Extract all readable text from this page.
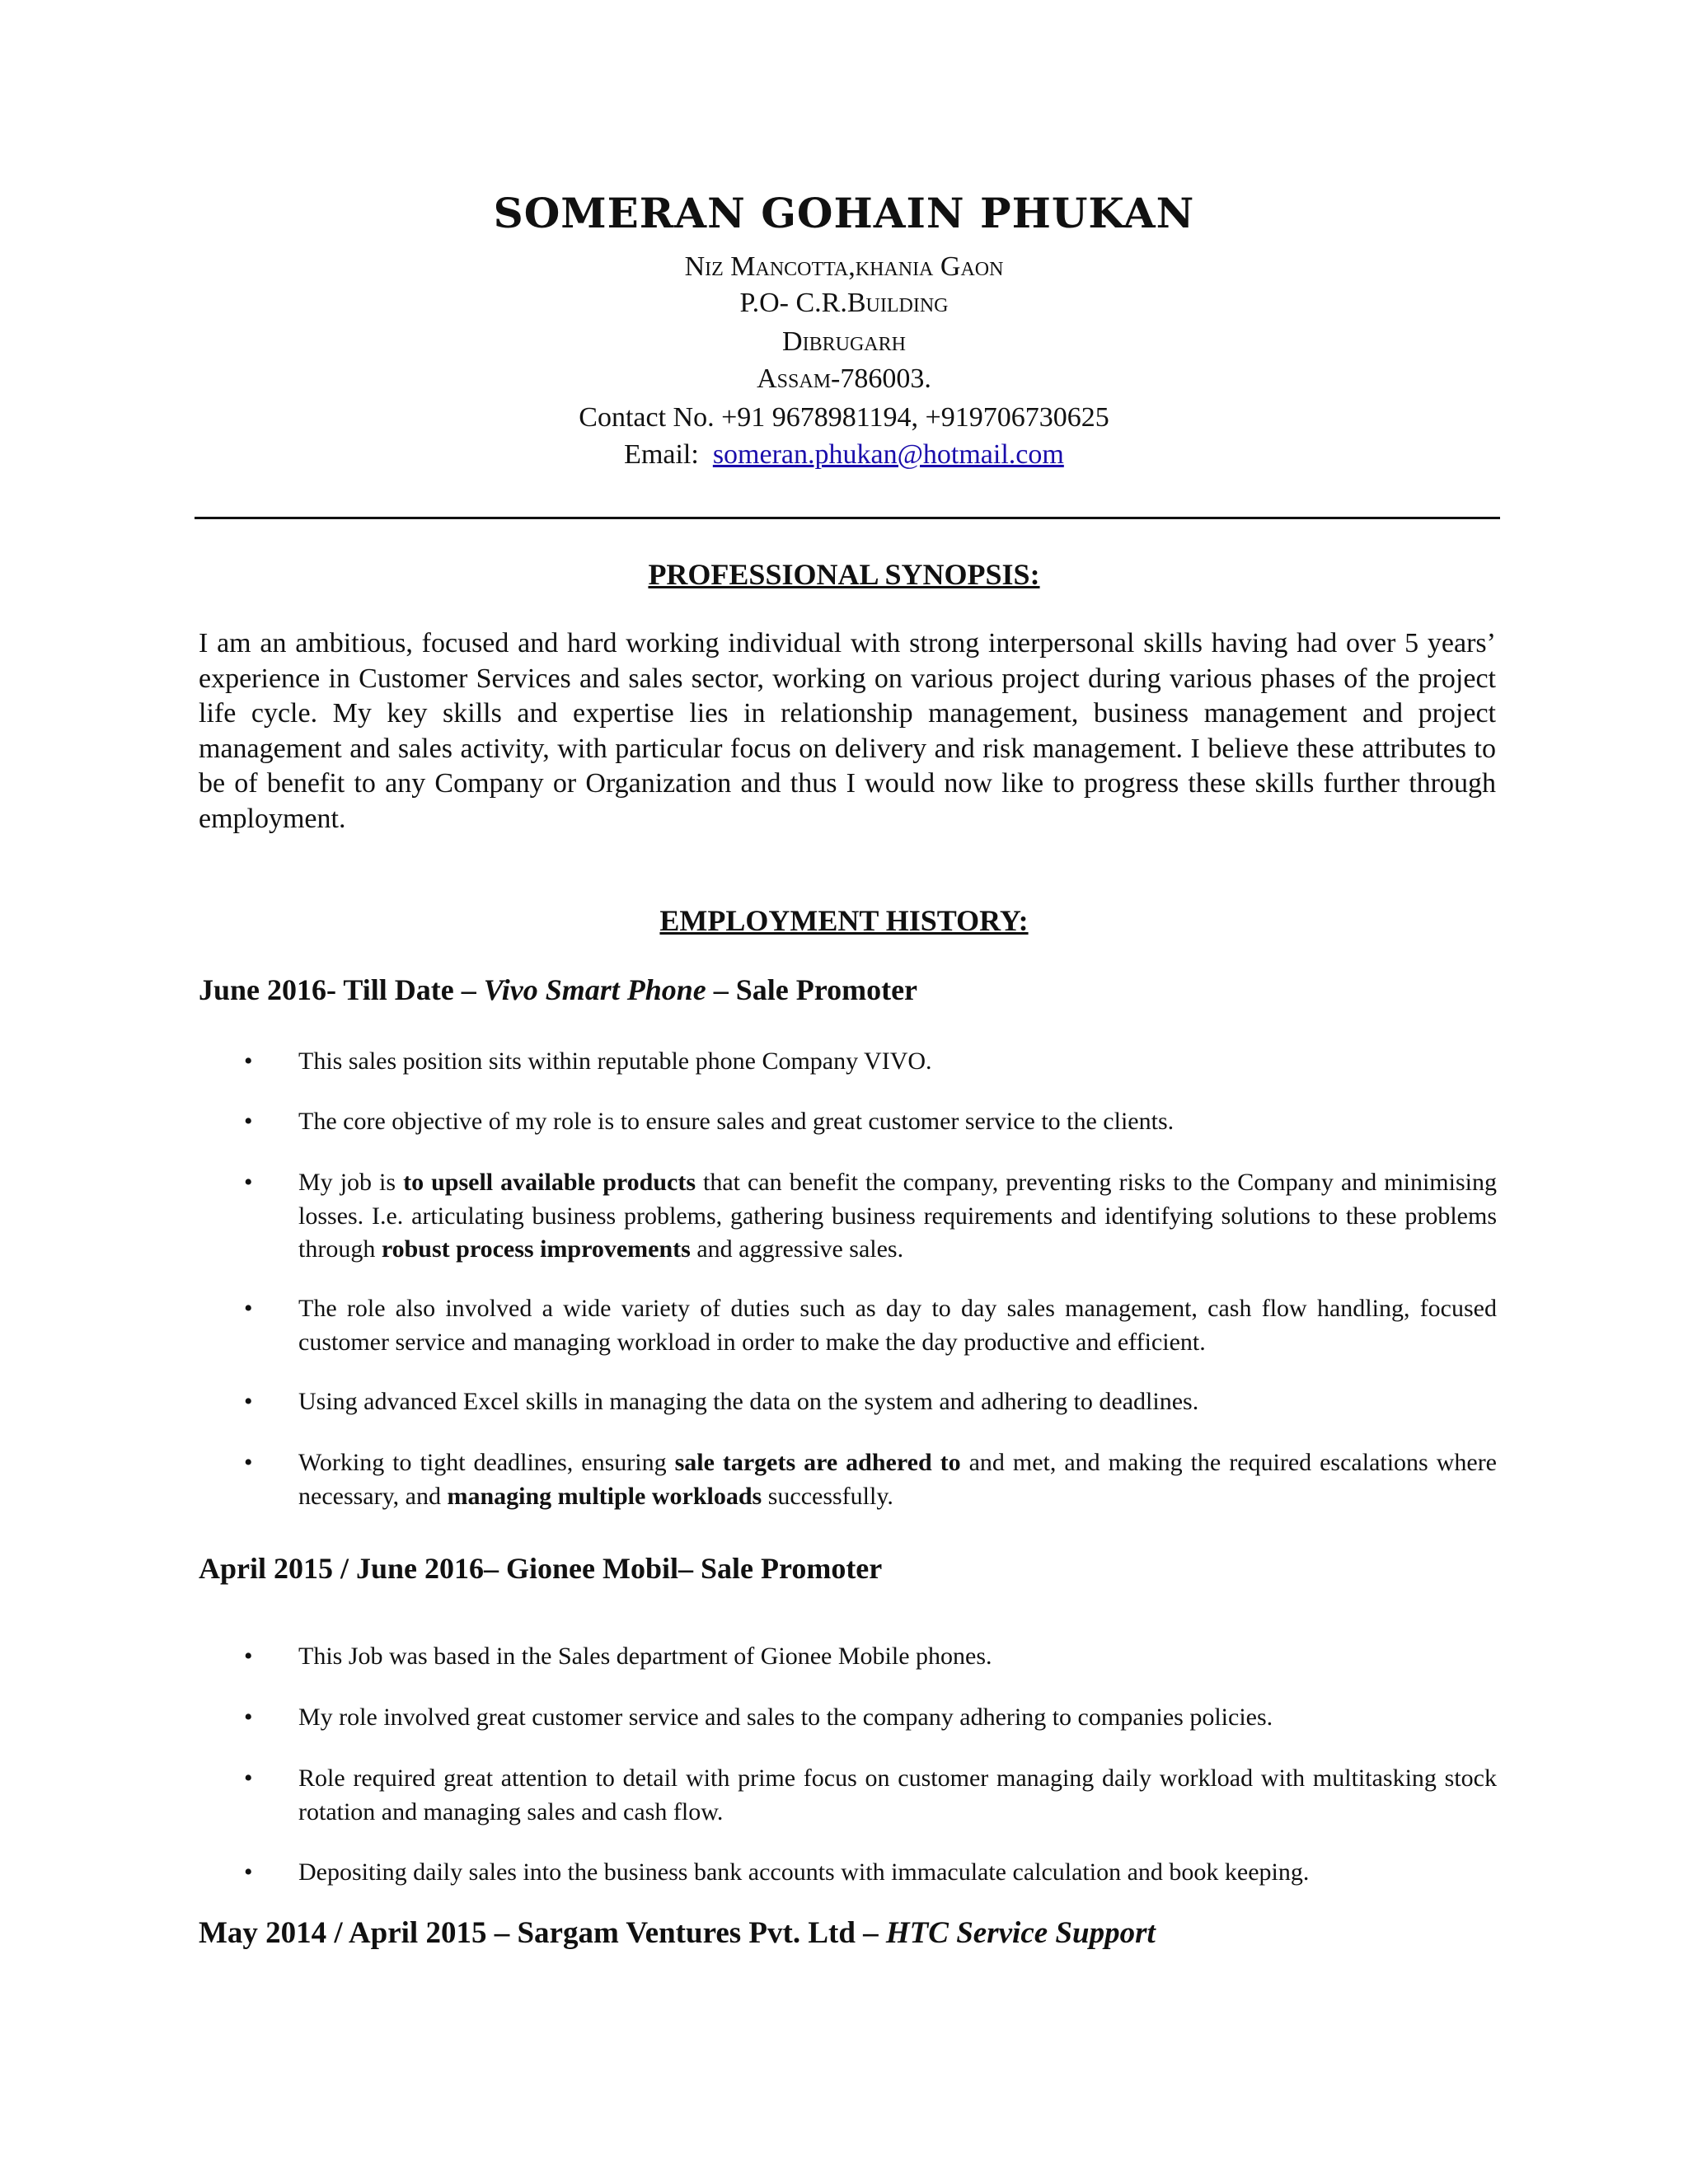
SOMERAN GOHAIN PHUKAN
Niz Mancotta,khania Gaon
P.O- C.R.Building
Dibrugarh
Assam-786003.
Contact No. +91 9678981194, +919706730625
Email: someran.phukan@hotmail.com
PROFESSIONAL SYNOPSIS:
I am an ambitious, focused and hard working individual with strong interpersonal skills having had over 5 years’ experience in Customer Services and sales sector, working on various project during various phases of the project life cycle. My key skills and expertise lies in relationship management, business management and project management and sales activity, with particular focus on delivery and risk management. I believe these attributes to be of benefit to any Company or Organization and thus I would now like to progress these skills further through employment.
EMPLOYMENT HISTORY:
June 2016- Till Date – Vivo Smart Phone – Sale Promoter
•	This sales position sits within reputable phone Company VIVO.
•	The core objective of my role is to ensure sales and great customer service to the clients.
•	My job is to upsell available products that can benefit the company, preventing risks to the Company and minimising losses. I.e. articulating business problems, gathering business requirements and identifying solutions to these problems through robust process improvements and aggressive sales.
•	The role also involved a wide variety of duties such as day to day sales management, cash flow handling, focused customer service and managing workload in order to make the day productive and efficient.
•	Using advanced Excel skills in managing the data on the system and adhering to deadlines.
•	Working to tight deadlines, ensuring sale targets are adhered to and met, and making the required escalations where necessary, and managing multiple workloads successfully.
April 2015 / June 2016– Gionee Mobil– Sale Promoter
•	This Job was based in the Sales department of Gionee Mobile phones.
•	My role involved great customer service and sales to the company adhering to companies policies.
•	Role required great attention to detail with prime focus on customer managing daily workload with multitasking stock rotation and managing sales and cash flow.
•	Depositing daily sales into the business bank accounts with immaculate calculation and book keeping.
May 2014 / April 2015 – Sargam Ventures Pvt. Ltd – HTC Service Support
